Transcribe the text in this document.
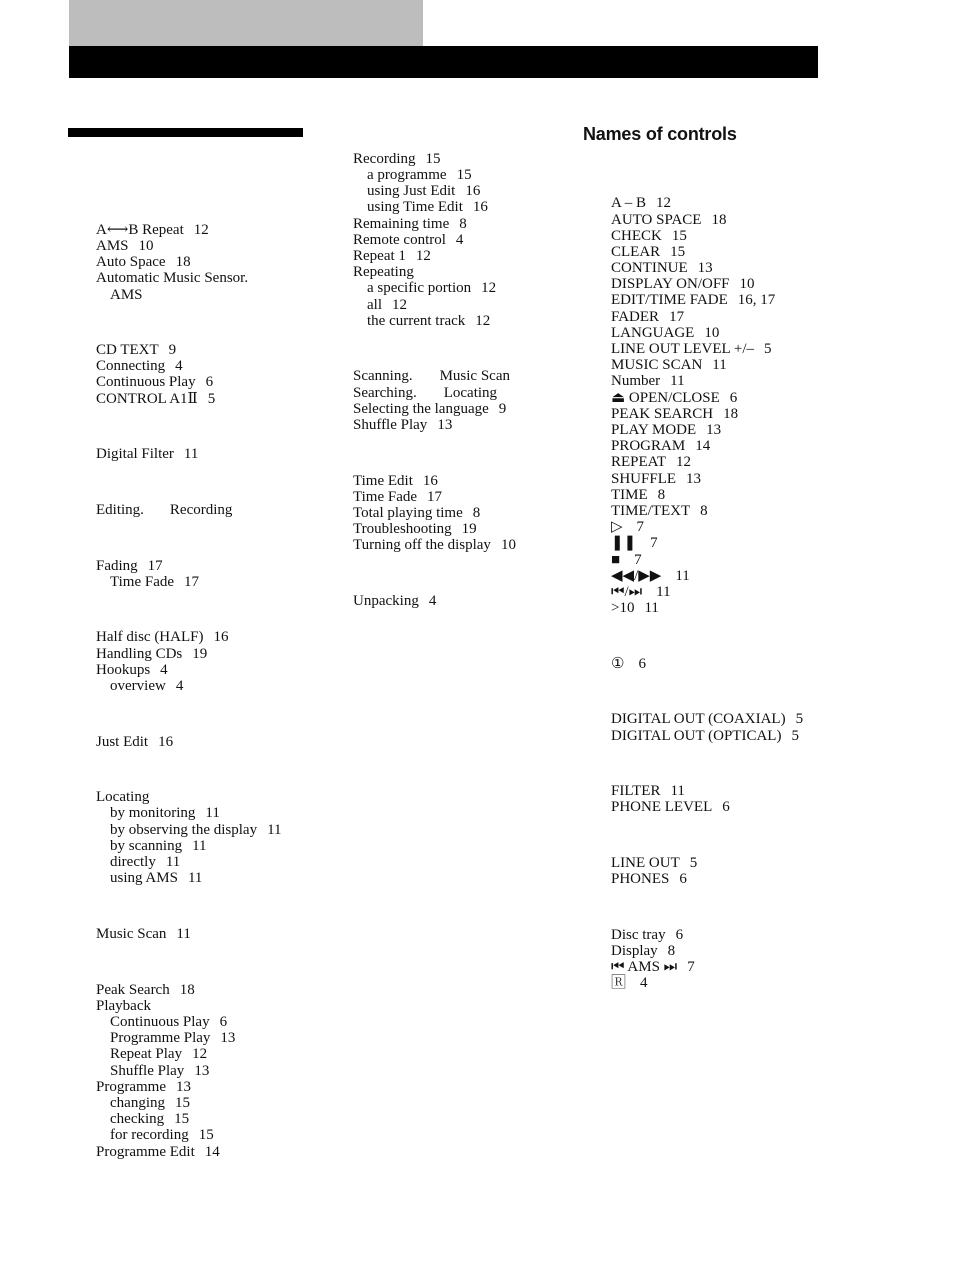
Names of controls
A⟷B Repeat 12
AMS 10
Auto Space 18
Automatic Music Sensor.
AMS
CD TEXT 9
Connecting 4
Continuous Play 6
CONTROL A1Ⅱ 5
Digital Filter 11
Editing. Recording
Fading 17
Time Fade 17
Half disc (HALF) 16
Handling CDs 19
Hookups 4
overview 4
Just Edit 16
Locating
by monitoring 11
by observing the display 11
by scanning 11
directly 11
using AMS 11
Music Scan 11
Peak Search 18
Playback
Continuous Play 6
Programme Play 13
Repeat Play 12
Shuffle Play 13
Programme 13
changing 15
checking 15
for recording 15
Programme Edit 14
Recording 15
a programme 15
using Just Edit 16
using Time Edit 16
Remaining time 8
Remote control 4
Repeat 1 12
Repeating
a specific portion 12
all 12
the current track 12
Scanning. Music Scan
Searching. Locating
Selecting the language 9
Shuffle Play 13
Time Edit 16
Time Fade 17
Total playing time 8
Troubleshooting 19
Turning off the display 10
Unpacking 4
A – B 12
AUTO SPACE 18
CHECK 15
CLEAR 15
CONTINUE 13
DISPLAY ON/OFF 10
EDIT/TIME FADE 16, 17
FADER 17
LANGUAGE 10
LINE OUT LEVEL +/– 5
MUSIC SCAN 11
Number 11
⏏ OPEN/CLOSE 6
PEAK SEARCH 18
PLAY MODE 13
PROGRAM 14
REPEAT 12
SHUFFLE 13
TIME 8
TIME/TEXT 8
▷ 7
❚❚ 7
■ 7
◀◀/▶▶ 11
⏮/⏭ 11
>10 11
① 6
DIGITAL OUT (COAXIAL) 5
DIGITAL OUT (OPTICAL) 5
FILTER 11
PHONE LEVEL 6
LINE OUT 5
PHONES 6
Disc tray 6
Display 8
⏮ AMS ⏭ 7
🅁 4
